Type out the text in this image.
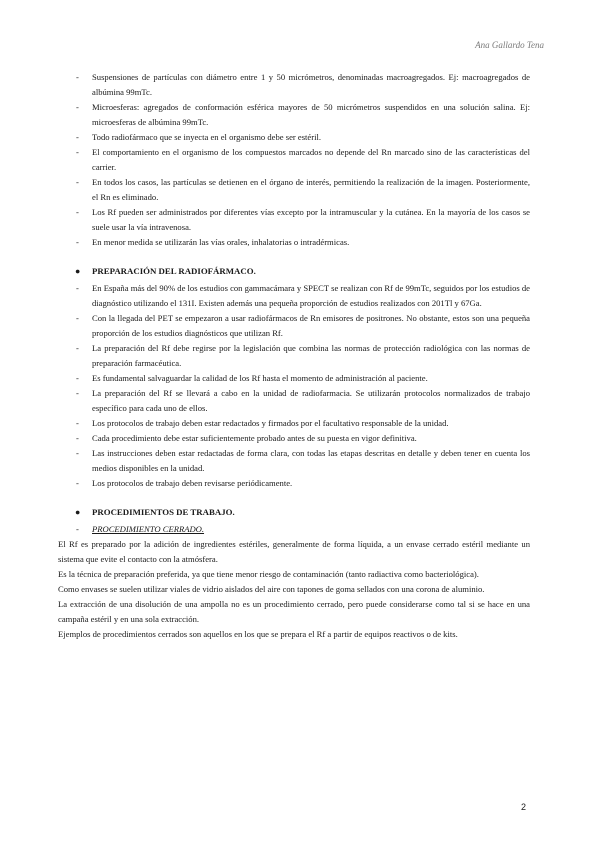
Ana Gallardo Tena
- Suspensiones de partículas con diámetro entre 1 y 50 micrómetros, denominadas macroagregados. Ej: macroagregados de albúmina 99mTc.
- Microesferas: agregados de conformación esférica mayores de 50 micrómetros suspendidos en una solución salina. Ej: microesferas de albúmina 99mTc.
- Todo radiofármaco que se inyecta en el organismo debe ser estéril.
- El comportamiento en el organismo de los compuestos marcados no depende del Rn marcado sino de las características del carrier.
- En todos los casos, las partículas se detienen en el órgano de interés, permitiendo la realización de la imagen. Posteriormente, el Rn es eliminado.
- Los Rf pueden ser administrados por diferentes vías excepto por la intramuscular y la cutánea. En la mayoría de los casos se suele usar la vía intravenosa.
- En menor medida se utilizarán las vías orales, inhalatorias o intradérmicas.
● PREPARACIÓN DEL RADIOFÁRMACO.
- En España más del 90% de los estudios con gammacámara y SPECT se realizan con Rf de 99mTc, seguidos por los estudios de diagnóstico utilizando el 131I. Existen además una pequeña proporción de estudios realizados con 201Tl y 67Ga.
- Con la llegada del PET se empezaron a usar radiofármacos de Rn emisores de positrones. No obstante, estos son una pequeña proporción de los estudios diagnósticos que utilizan Rf.
- La preparación del Rf debe regirse por la legislación que combina las normas de protección radiológica con las normas de preparación farmacéutica.
- Es fundamental salvaguardar la calidad de los Rf hasta el momento de administración al paciente.
- La preparación del Rf se llevará a cabo en la unidad de radiofarmacia. Se utilizarán protocolos normalizados de trabajo específico para cada uno de ellos.
- Los protocolos de trabajo deben estar redactados y firmados por el facultativo responsable de la unidad.
- Cada procedimiento debe estar suficientemente probado antes de su puesta en vigor definitiva.
- Las instrucciones deben estar redactadas de forma clara, con todas las etapas descritas en detalle y deben tener en cuenta los medios disponibles en la unidad.
- Los protocolos de trabajo deben revisarse periódicamente.
● PROCEDIMIENTOS DE TRABAJO.
- PROCEDIMIENTO CERRADO.

El Rf es preparado por la adición de ingredientes estériles, generalmente de forma líquida, a un envase cerrado estéril mediante un sistema que evite el contacto con la atmósfera.

Es la técnica de preparación preferida, ya que tiene menor riesgo de contaminación (tanto radiactiva como bacteriológica).

Como envases se suelen utilizar viales de vidrio aislados del aire con tapones de goma sellados con una corona de aluminio.

La extracción de una disolución de una ampolla no es un procedimiento cerrado, pero puede considerarse como tal si se hace en una campaña estéril y en una sola extracción.

Ejemplos de procedimientos cerrados son aquellos en los que se prepara el Rf a partir de equipos reactivos o de kits.

2
